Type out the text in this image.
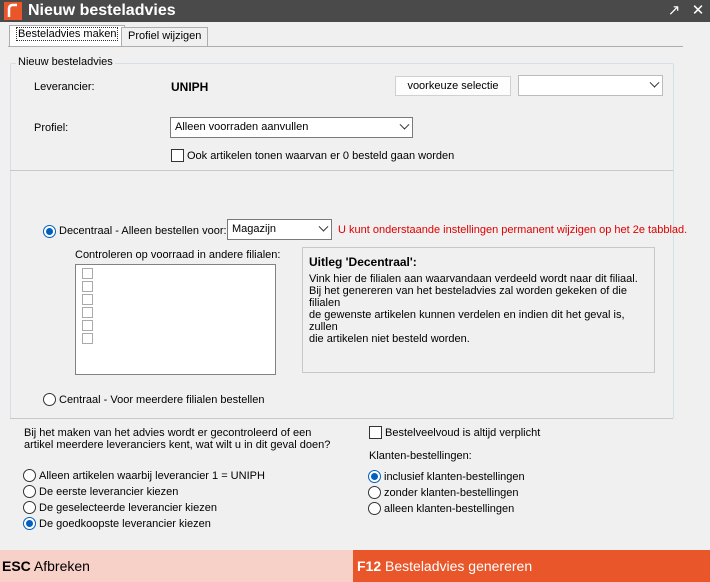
Nieuw besteladvies	↗ ✕
Besteladvies maken	Profiel wijzigen
Nieuw besteladvies
Leverancier:	UNIPH	voorkeuze selectie
Profiel:	Alleen voorraden aanvullen
Ook artikelen tonen waarvan er 0 besteld gaan worden
Decentraal - Alleen bestellen voor: Magazijn	U kunt onderstaande instellingen permanent wijzigen op het 2e tabblad.
Controleren op voorraad in andere filialen: Uitleg 'Decentraal':
Vink hier de filialen aan waarvandaan verdeeld wordt naar dit filiaal.
Bij het genereren van het besteladvies zal worden gekeken of die filialen
de gewenste artikelen kunnen verdelen en indien dit het geval is, zullen
die artikelen niet besteld worden.
Centraal - Voor meerdere filialen bestellen
Bij het maken van het advies wordt er gecontroleerd of een
artikel meerdere leveranciers kent, wat wilt u in dit geval doen?
Alleen artikelen waarbij leverancier 1 = UNIPH
De eerste leverancier kiezen
De geselecteerde leverancier kiezen
De goedkoopste leverancier kiezen
Bestelveelvoud is altijd verplicht
Klanten-bestellingen:
inclusief klanten-bestellingen
zonder klanten-bestellingen
alleen klanten-bestellingen
ESC Afbreken	F12 Besteladvies genereren
